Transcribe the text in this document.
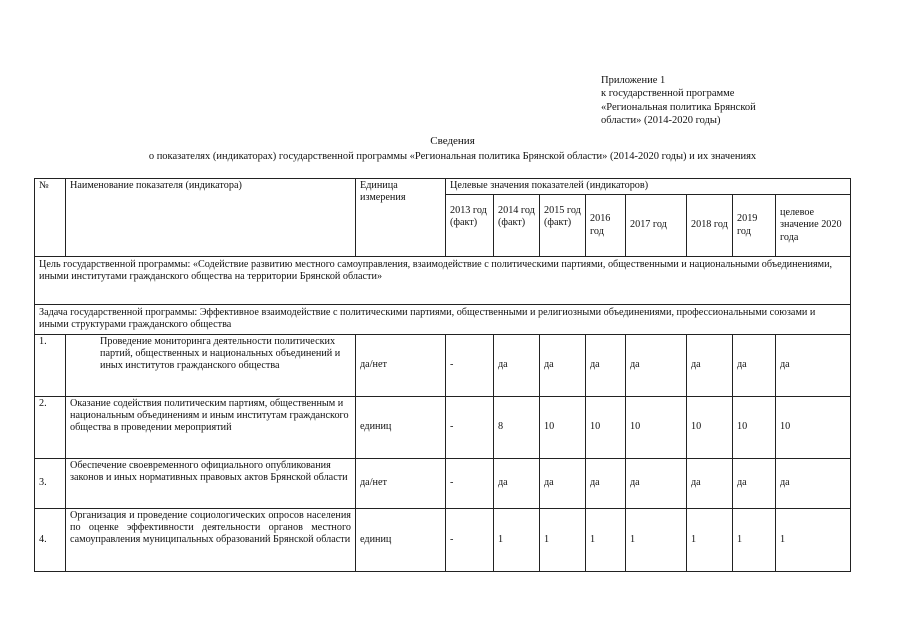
Приложение 1
к государственной программе
«Региональная политика Брянской
области» (2014-2020 годы)
Сведения
о показателях (индикаторах) государственной программы «Региональная политика Брянской области» (2014-2020 годы) и их значениях
№	Наименование показателя (индикатора)	Единица измерения	Целевые значения показателей (индикаторов)							
			2013 год (факт)	2014 год (факт)	2015 год (факт)	2016 год	2017 год	2018 год	2019 год	целевое значение 2020 года
Цель государственной программы: «Содействие развитию местного самоуправления, взаимодействие с политическими партиями, общественными и национальными объединениями, иными институтами гражданского общества на территории Брянской области»										
Задача государственной программы: Эффективное взаимодействие с политическими партиями, общественными и религиозными объединениями, профессиональными союзами и иными структурами гражданского общества										
1.	Проведение мониторинга деятельности политических партий, общественных и национальных объединений и иных институтов гражданского общества	да/нет	-	да	да	да	да	да	да	да
2.	Оказание содействия политическим партиям, общественным и национальным объединениям и иным институтам гражданского общества в проведении мероприятий	единиц	-	8	10	10	10	10	10	10
3.	Обеспечение своевременного официального опубликования законов и иных нормативных правовых актов Брянской области	да/нет	-	да	да	да	да	да	да	да
4.	Организация и проведение социологических опросов населения по оценке эффективности деятельности органов местного самоуправления муниципальных образований Брянской области	единиц	-	1	1	1	1	1	1	1
